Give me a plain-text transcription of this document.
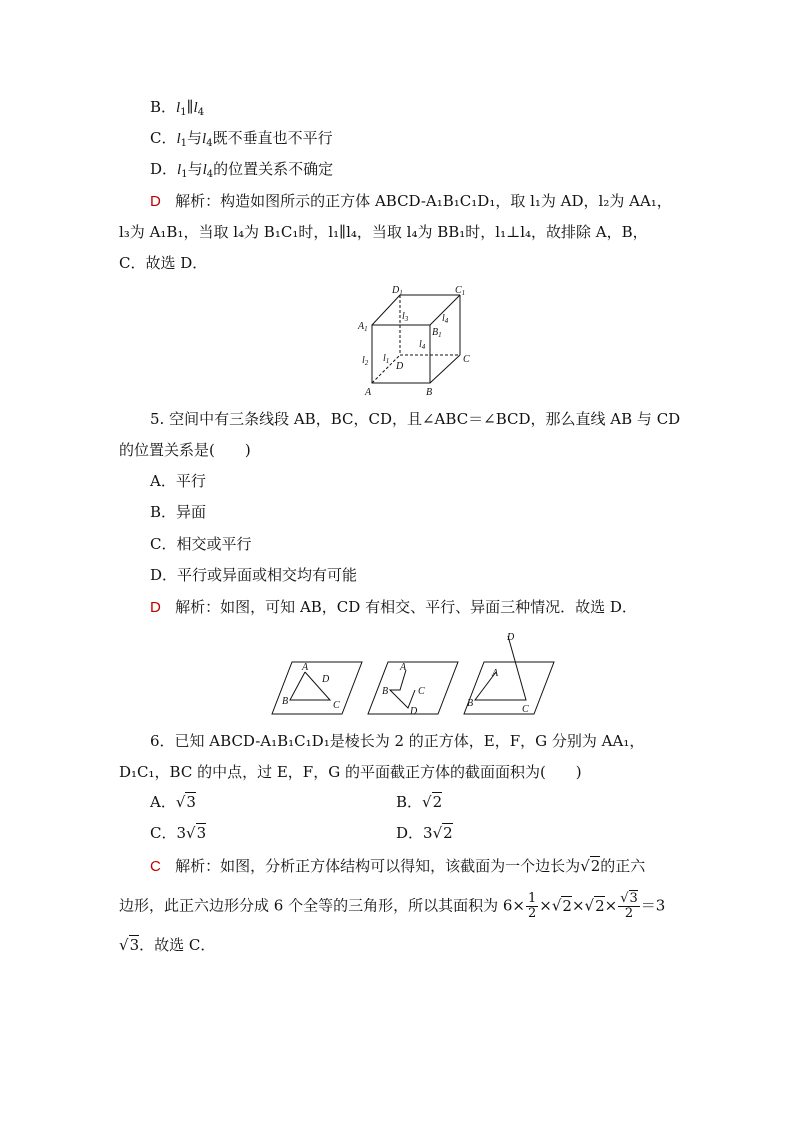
B．$l_1\parallel l_4$
C．$l_1$与$l_4$既不垂直也不平行
D．$l_1$与$l_4$的位置关系不确定
D 解析：构造如图所示的正方体 ABCD-A₁B₁C₁D₁，取 l₁为 AD，l₂为 AA₁，
l₃为 A₁B₁，当取 l₄为 B₁C₁时，l₁∥l₄，当取 l₄为 BB₁时，l₁⊥l₄，故排除 A，B，
C．故选 D．
$D_1$	$C_1$
$A_1$	$B_1$
$l_3$	$l_4$
$l_4$
$l_2$ $l_1$ D
C
A	B
5. 空间中有三条线段 AB，BC，CD，且∠ABC＝∠BCD，那么直线 AB 与 CD
的位置关系是(　　)
A．平行
B．异面
C．相交或平行
D．平行或异面或相交均有可能
D 解析：如图，可知 AB，CD 有相交、平行、异面三种情况．故选 D．
A
D
B	C
A
C
B
D
D
A
B
C
6．已知 ABCD-A₁B₁C₁D₁是棱长为 2 的正方体，E，F，G 分别为 AA₁，
D₁C₁，BC 的中点，过 E，F，G 的平面截正方体的截面面积为(　　)
A．√3	B．√2
C．3√3	D．3√2
C 解析：如图，分析正方体结构可以得知，该截面为一个边长为√2的正六
边形，此正六边形分成 6 个全等的三角形，所以其面积为 $6\times \frac{1}{2} \times√2\times√2\times \frac{√3}{2} =3$
√3．故选 C．
